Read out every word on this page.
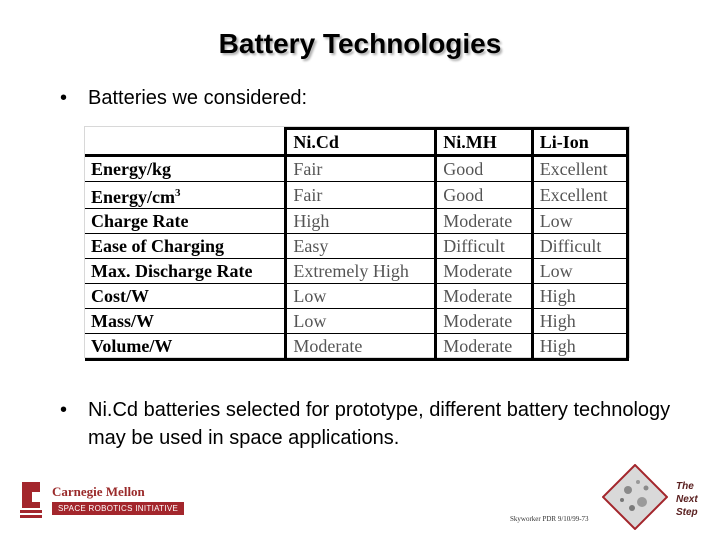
Battery Technologies
•	Batteries we considered:
	Ni.Cd	Ni.MH	Li-Ion
Energy/kg	Fair	Good	Excellent
Energy/$cm^3$	Fair	Good	Excellent
Charge Rate	High	Moderate	Low
Ease of Charging	Easy	Difficult	Difficult
Max. Discharge Rate	Extremely High	Moderate	Low
Cost/W	Low	Moderate	High
Mass/W	Low	Moderate	High
Volume/W	Moderate	Moderate	High
•	Ni.Cd batteries selected for prototype, different battery technology may be used in space applications.
Carnegie Mellon
SPACE ROBOTICS INITIATIVE
Skyworker PDR 9/10/99-73
The Next Step
